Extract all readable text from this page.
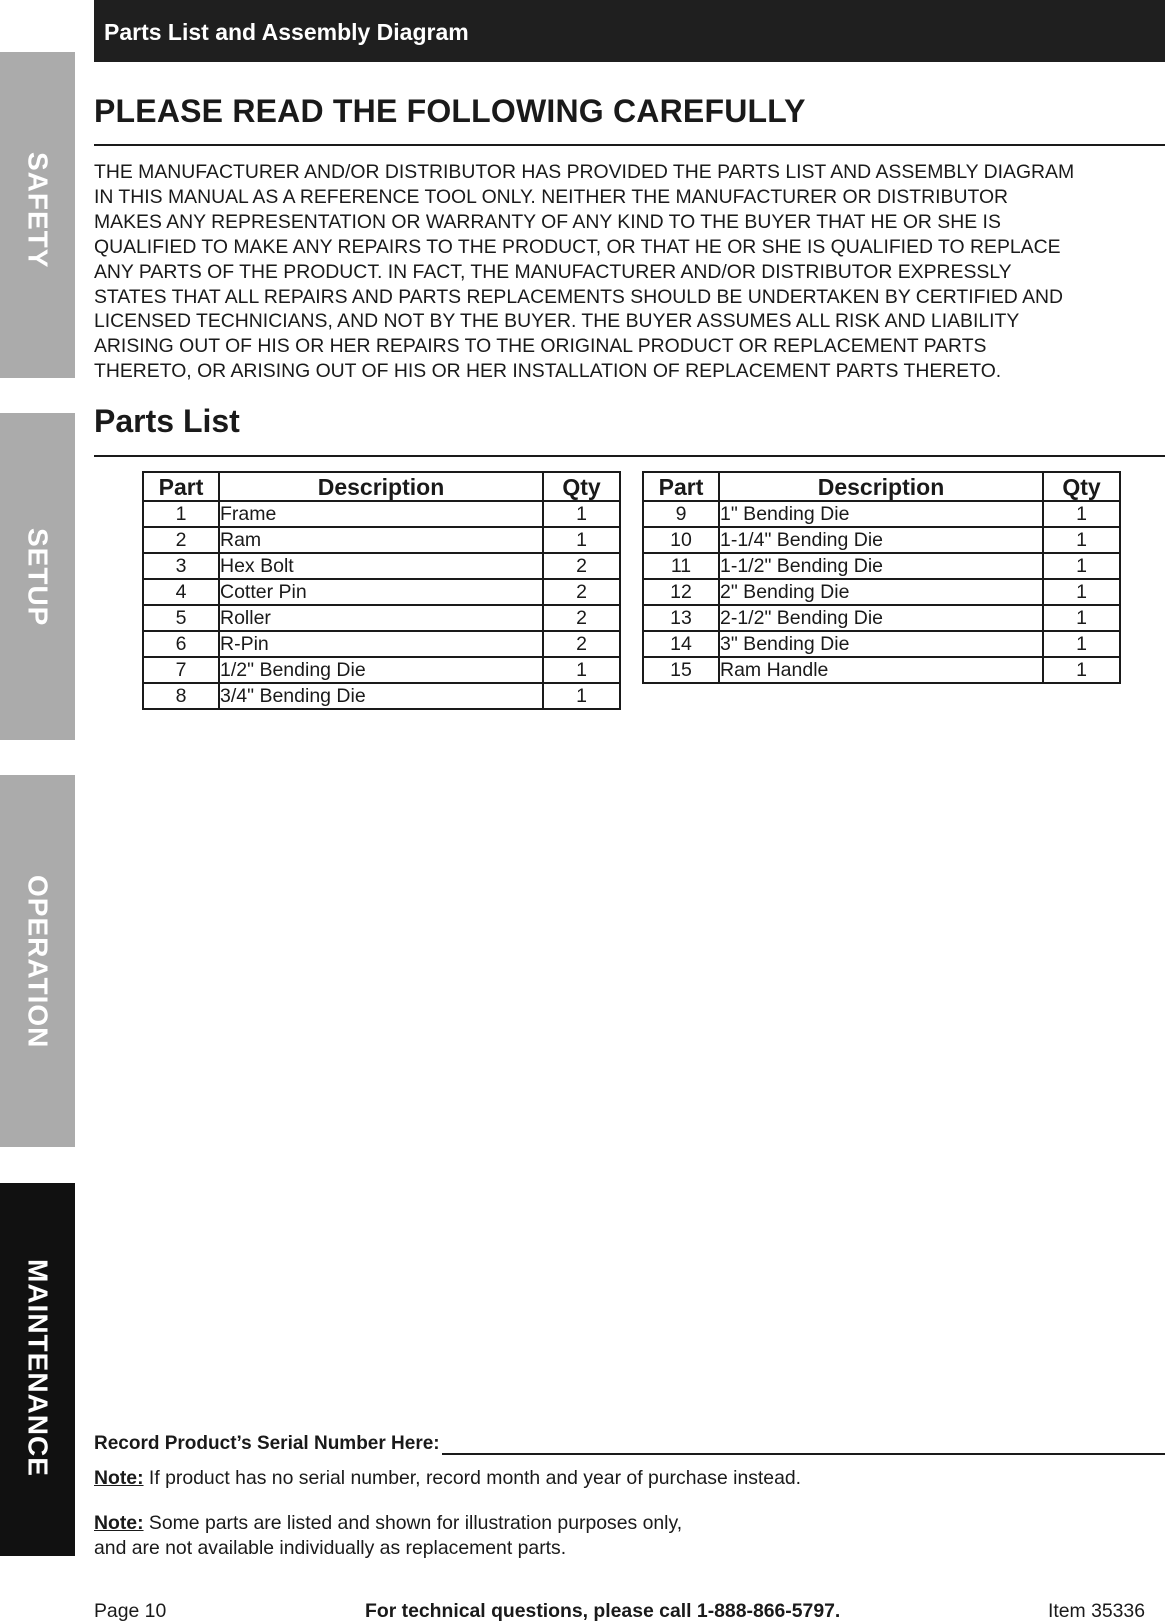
SAFETY
SETUP
OPERATION
MAINTENANCE
Parts List and Assembly Diagram
PLEASE READ THE FOLLOWING CAREFULLY

THE MANUFACTURER AND/OR DISTRIBUTOR HAS PROVIDED THE PARTS LIST AND ASSEMBLY DIAGRAM
IN THIS MANUAL AS A REFERENCE TOOL ONLY. NEITHER THE MANUFACTURER OR DISTRIBUTOR
MAKES ANY REPRESENTATION OR WARRANTY OF ANY KIND TO THE BUYER THAT HE OR SHE IS
QUALIFIED TO MAKE ANY REPAIRS TO THE PRODUCT, OR THAT HE OR SHE IS QUALIFIED TO REPLACE
ANY PARTS OF THE PRODUCT. IN FACT, THE MANUFACTURER AND/OR DISTRIBUTOR EXPRESSLY
STATES THAT ALL REPAIRS AND PARTS REPLACEMENTS SHOULD BE UNDERTAKEN BY CERTIFIED AND
LICENSED TECHNICIANS, AND NOT BY THE BUYER. THE BUYER ASSUMES ALL RISK AND LIABILITY
ARISING OUT OF HIS OR HER REPAIRS TO THE ORIGINAL PRODUCT OR REPLACEMENT PARTS
THERETO, OR ARISING OUT OF HIS OR HER INSTALLATION OF REPLACEMENT PARTS THERETO.

Parts List
Part	Description	Qty
1	Frame	1
2	Ram	1
3	Hex Bolt	2
4	Cotter Pin	2
5	Roller	2
6	R-Pin	2
7	1/2" Bending Die	1
8	3/4" Bending Die	1
Part	Description	Qty
9	1" Bending Die	1
10	1-1/4" Bending Die	1
11	1-1/2" Bending Die	1
12	2" Bending Die	1
13	2-1/2" Bending Die	1
14	3" Bending Die	1
15	Ram Handle	1
Record Product’s Serial Number Here:

Note: If product has no serial number, record month and year of purchase instead.

Note: Some parts are listed and shown for illustration purposes only,
and are not available individually as replacement parts.

Page 10	For technical questions, please call 1-888-866-5797.	Item 35336
